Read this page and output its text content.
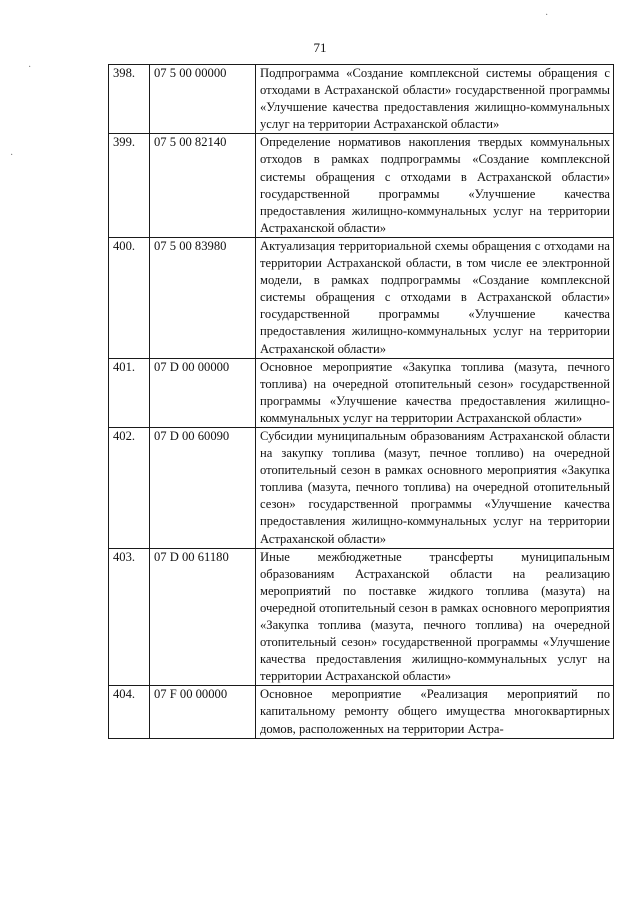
71
·
·
·	398.	07 5 00 00000	Подпрограмма «Создание комплексной системы обращения с отходами в Астраханской области» государственной программы «Улучшение качества предоставления жилищно-коммунальных услуг на территории Астраханской области»
399.	07 5 00 82140	Определение нормативов накопления твердых коммунальных отходов в рамках подпрограммы «Создание комплексной системы обращения с отходами в Астраханской области» государственной программы «Улучшение качества предоставления жилищно-коммунальных услуг на территории Астраханской области»
400.	07 5 00 83980	Актуализация территориальной схемы обращения с отходами на территории Астраханской области, в том числе ее электронной модели, в рамках подпрограммы «Создание комплексной системы обращения с отходами в Астраханской области» государственной программы «Улучшение качества предоставления жилищно-коммунальных услуг на территории Астраханской области»
401.	07 D 00 00000	Основное мероприятие «Закупка топлива (мазута, печного топлива) на очередной отопительный сезон» государственной программы «Улучшение качества предоставления жилищно-коммунальных услуг на территории Астраханской области»
402.	07 D 00 60090	Субсидии муниципальным образованиям Астраханской области на закупку топлива (мазут, печное топливо) на очередной отопительный сезон в рамках основного мероприятия «Закупка топлива (мазута, печного топлива) на очередной отопительный сезон» государственной программы «Улучшение качества предоставления жилищно-коммунальных услуг на территории Астраханской области»
403.	07 D 00 61180	Иные межбюджетные трансферты муниципальным образованиям Астраханской области на реализацию мероприятий по поставке жидкого топлива (мазута) на очередной отопительный сезон в рамках основного мероприятия «Закупка топлива (мазута, печного топлива) на очередной отопительный сезон» государственной программы «Улучшение качества предоставления жилищно-коммунальных услуг на территории Астраханской области»
404.	07 F 00 00000	Основное мероприятие «Реализация мероприятий по капитальному ремонту общего имущества многоквартирных домов, расположенных на территории Астра-
